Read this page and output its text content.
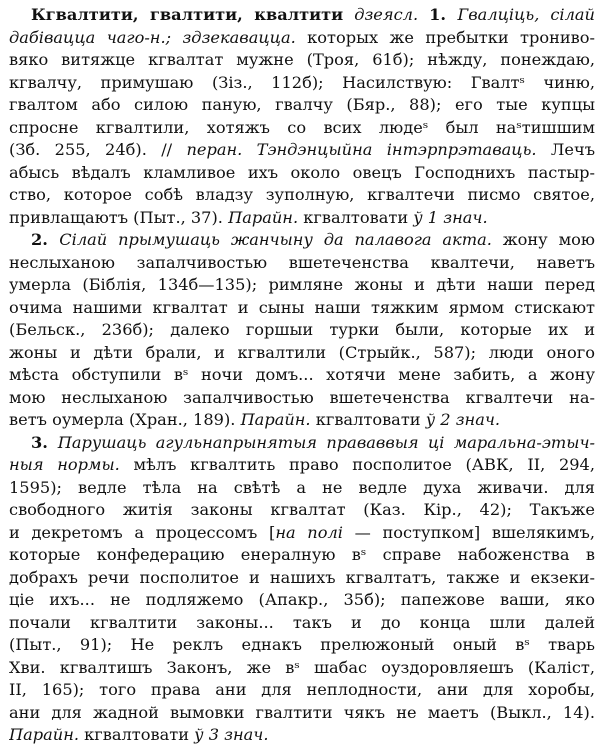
Кгвалтити, гвалтити, квалтити дзеясл. 1. Гвалціць, сілай

дабівацца чаго-н.; здзекавацца. которых же пребытки трониво-

вяко витяжце кгвалтат мужне (Троя, 61б); нѣжду, понеждаю,

кгвалчу, примушаю (Зіз., 112б); Насилствую: Гвалтˢ чиню,

гвалтом або силою паную, гвалчу (Бяр., 88); его тые купцы

спросне кгвалтили, хотяжъ со всих людеˢ был наˢтишшим

(Зб. 255, 24б). // перан. Тэндэнцыйна інтэрпрэтаваць. Лечъ

абысь вѣдалъ кламливое ихъ около овецъ Господнихъ пастыр-

ство, которое собѣ владзу зуполную, кгвалтечи писмо святое,

привлащаютъ (Пыт., 37). Парайн. кгвалтовати ў 1 знач.

2. Сілай прымушаць жанчыну да палавога акта. жону мою

неслыханою запалчивостью вшетеченства квалтечи, наветъ

умерла (Біблія, 134б—135); римляне жоны и дѣти наши перед

очима нашими кгвалтат и сыны наши тяжким ярмом стискают

(Бельск., 236б); далеко горшыи турки были, которые их и

жоны и дѣти брали, и кгвалтили (Стрыйк., 587); люди оного

мѣста обступили вˢ ночи домъ... хотячи мене забить, а жону

мою неслыханою запалчивостью вшетеченства кгвалтечи на-

ветъ оумерла (Хран., 189). Парайн. кгвалтовати ў 2 знач.

3. Парушаць агульнапрынятыя прававвыя ці маральна-этыч-

ныя нормы. мѣлъ кгвалтить право посполитое (АВК, II, 294,

1595); ведле тѣла на свѣтѣ а не ведле духа живачи. для

свободного житія законы кгвалтат (Каз. Кір., 42); Такъже

и декретомъ а процессомъ [на полі — поступком] вшелякимъ,

которые конфедерацию енералную вˢ справе набоженства в

добрахъ речи посполитое и нашихъ кгвалтатъ, также и екзеки-

ціе ихъ... не подляжемо (Апакр., 35б); папежове ваши, яко

почали кгвалтити законы... такъ и до конца шли далей

(Пыт., 91); Не реклъ еднакъ прелюжоный оный вˢ тварь

Хви. кгвалтишъ Законъ, же вˢ шабас оуздоровляешъ (Каліст,

II, 165); того права ани для неплодности, ани для хоробы,

ани для жадной вымовки гвалтити чякъ не маетъ (Выкл., 14).

Парайн. кгвалтовати ў 3 знач.
